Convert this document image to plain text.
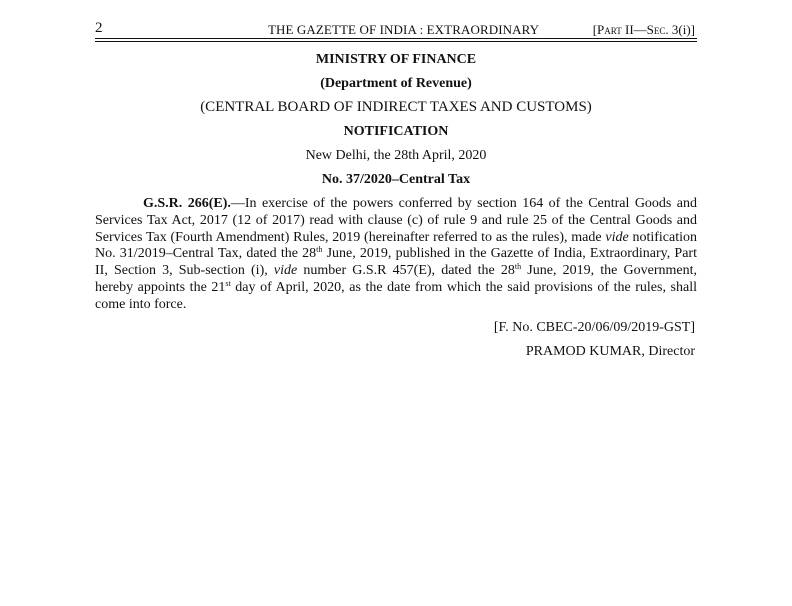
2	THE GAZETTE OF INDIA : EXTRAORDINARY	[Part II—Sec. 3(i)]
MINISTRY OF FINANCE
(Department of Revenue)
(CENTRAL BOARD OF INDIRECT TAXES AND CUSTOMS)
NOTIFICATION
New Delhi, the 28th April, 2020
No. 37/2020–Central Tax
G.S.R. 266(E).—In exercise of the powers conferred by section 164 of the Central Goods and Services Tax Act, 2017 (12 of 2017) read with clause (c) of rule 9 and rule 25 of the Central Goods and Services Tax (Fourth Amendment) Rules, 2019 (hereinafter referred to as the rules), made vide notification No. 31/2019–Central Tax, dated the 28th June, 2019, published in the Gazette of India, Extraordinary, Part II, Section 3, Sub-section (i), vide number G.S.R 457(E), dated the 28th June, 2019, the Government, hereby appoints the 21st day of April, 2020, as the date from which the said provisions of the rules, shall come into force.
[F. No. CBEC-20/06/09/2019-GST]
PRAMOD KUMAR, Director
